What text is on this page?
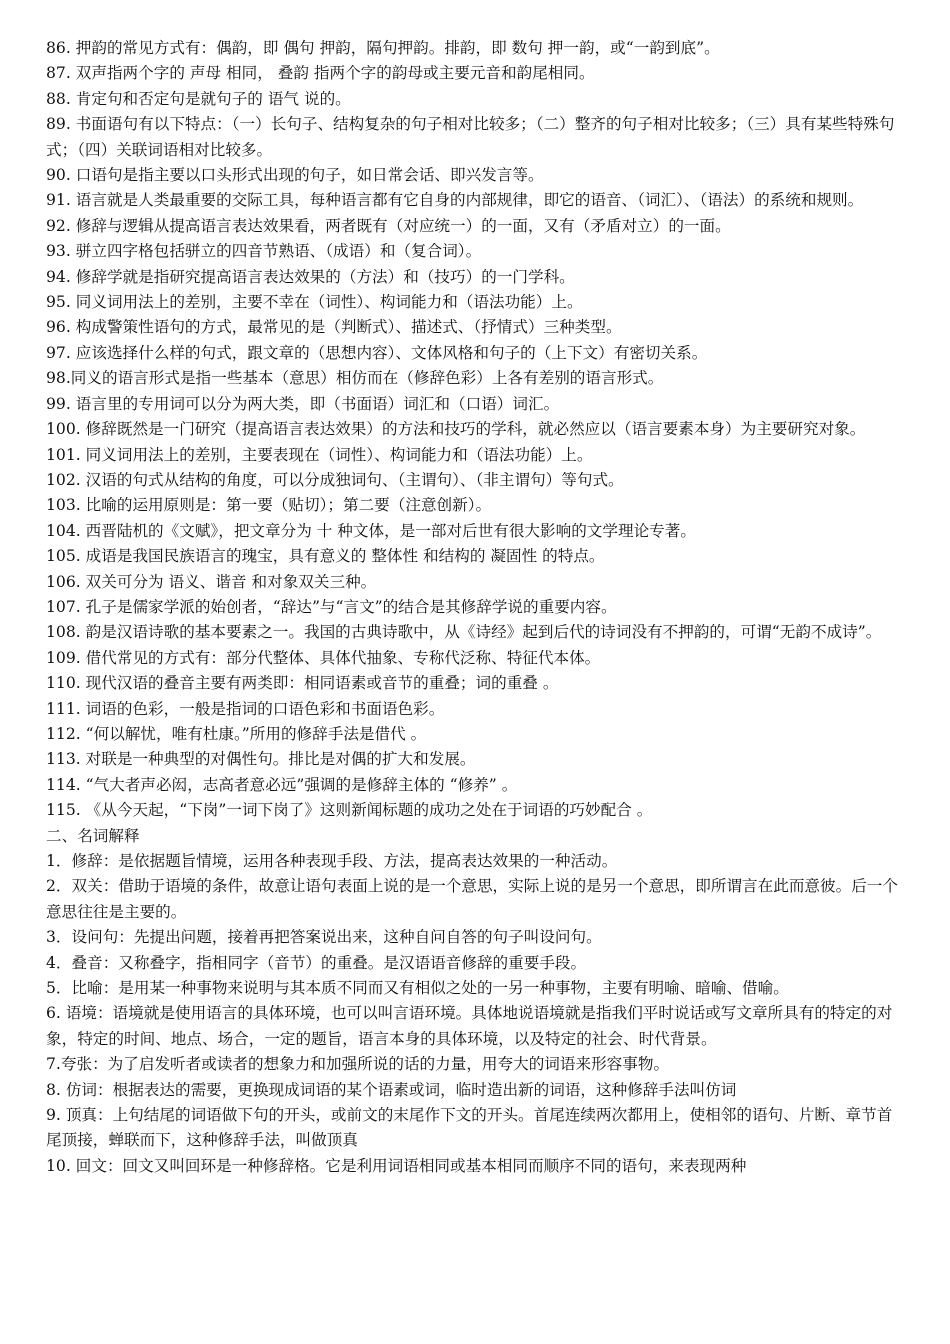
86. 押韵的常见方式有：偶韵，即 偶句 押韵，隔句押韵。排韵，即 数句 押一韵，或“一韵到底”。

87. 双声指两个字的 声母 相同， 叠韵 指两个字的韵母或主要元音和韵尾相同。

88. 肯定句和否定句是就句子的 语气 说的。

89. 书面语句有以下特点：（一）长句子、结构复杂的句子相对比较多；（二）整齐的句子相对比较多；（三）具有某些特殊句式；（四）关联词语相对比较多。

90. 口语句是指主要以口头形式出现的句子，如日常会话、即兴发言等。

91. 语言就是人类最重要的交际工具，每种语言都有它自身的内部规律，即它的语音、（词汇）、（语法）的系统和规则。

92. 修辞与逻辑从提高语言表达效果看，两者既有（对应统一）的一面，又有（矛盾对立）的一面。

93. 骈立四字格包括骈立的四音节熟语、（成语）和（复合词）。

94. 修辞学就是指研究提高语言表达效果的（方法）和（技巧）的一门学科。

95. 同义词用法上的差别，主要不幸在（词性）、构词能力和（语法功能）上。

96. 构成警策性语句的方式，最常见的是（判断式）、描述式、（抒情式）三种类型。

97. 应该选择什么样的句式，跟文章的（思想内容）、文体风格和句子的（上下文）有密切关系。

98.同义的语言形式是指一些基本（意思）相仿而在（修辞色彩）上各有差别的语言形式。

99. 语言里的专用词可以分为两大类，即（书面语）词汇和（口语）词汇。

100. 修辞既然是一门研究（提高语言表达效果）的方法和技巧的学科，就必然应以（语言要素本身）为主要研究对象。

101. 同义词用法上的差别，主要表现在（词性）、构词能力和（语法功能）上。

102. 汉语的句式从结构的角度，可以分成独词句、（主谓句）、（非主谓句）等句式。

103. 比喻的运用原则是：第一要（贴切）；第二要（注意创新）。

104. 西晋陆机的《文赋》，把文章分为 十 种文体，是一部对后世有很大影响的文学理论专著。

105. 成语是我国民族语言的瑰宝，具有意义的 整体性 和结构的 凝固性 的特点。

106. 双关可分为 语义、谐音 和对象双关三种。

107. 孔子是儒家学派的始创者，“辞达”与“言文”的结合是其修辞学说的重要内容。

108. 韵是汉语诗歌的基本要素之一。我国的古典诗歌中，从《诗经》起到后代的诗词没有不押韵的，可谓“无韵不成诗”。

109. 借代常见的方式有：部分代整体、具体代抽象、专称代泛称、特征代本体。

110. 现代汉语的叠音主要有两类即：相同语素或音节的重叠；词的重叠 。

111. 词语的色彩，一般是指词的口语色彩和书面语色彩。

112. “何以解忧，唯有杜康。”所用的修辞手法是借代 。

113. 对联是一种典型的对偶性句。排比是对偶的扩大和发展。

114. “气大者声必闳，志高者意必远”强调的是修辞主体的 “修养” 。

115. 《从今天起，“下岗”一词下岗了》这则新闻标题的成功之处在于词语的巧妙配合 。

二、名词解释

1．修辞：是依据题旨情境，运用各种表现手段、方法，提高表达效果的一种活动。

2．双关：借助于语境的条件，故意让语句表面上说的是一个意思，实际上说的是另一个意思，即所谓言在此而意彼。后一个意思往往是主要的。

3．设问句：先提出问题，接着再把答案说出来，这种自问自答的句子叫设问句。

4．叠音：又称叠字，指相同字（音节）的重叠。是汉语语音修辞的重要手段。

5．比喻：是用某一种事物来说明与其本质不同而又有相似之处的一另一种事物，主要有明喻、暗喻、借喻。

6. 语境：语境就是使用语言的具体环境，也可以叫言语环境。具体地说语境就是指我们平时说话或写文章所具有的特定的对象，特定的时间、地点、场合，一定的题旨，语言本身的具体环境，以及特定的社会、时代背景。

7.夸张：为了启发听者或读者的想象力和加强所说的话的力量，用夸大的词语来形容事物。

8. 仿词：根据表达的需要，更换现成词语的某个语素或词，临时造出新的词语，这种修辞手法叫仿词

9. 顶真：上句结尾的词语做下句的开头，或前文的末尾作下文的开头。首尾连续两次都用上，使相邻的语句、片断、章节首尾顶接，蝉联而下，这种修辞手法，叫做顶真

10. 回文：回文又叫回环是一种修辞格。它是利用词语相同或基本相同而顺序不同的语句，来表现两种
